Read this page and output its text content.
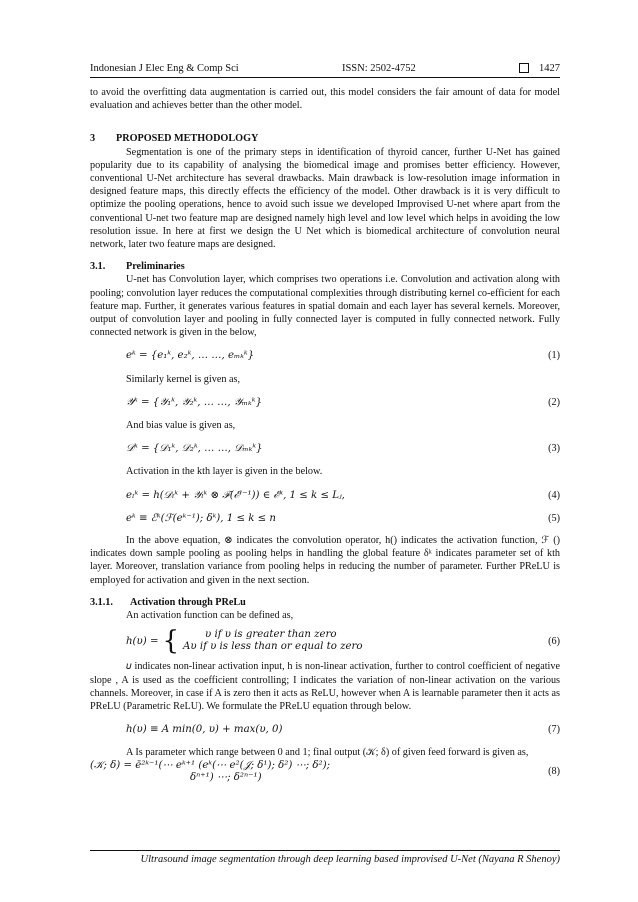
Indonesian J Elec Eng & Comp Sci	ISSN: 2502-4752	1427

to avoid the overfitting data augmentation is carried out, this model considers the fair amount of data for model evaluation and achieves better than the other model.

3	PROPOSED METHODOLOGY

Segmentation is one of the primary steps in identification of thyroid cancer, further U-Net has gained popularity due to its capability of analysing the biomedical image and promises better efficiency. However, conventional U-Net architecture has several drawbacks. Main drawback is low-resolution image information in designed feature maps, this directly effects the efficiency of the model. Other drawback is it is very difficult to optimize the pooling operations, hence to avoid such issue we developed Improvised U-net where apart from the conventional U-net two feature map are designed namely high level and low level which helps in avoiding the low resolution issue. In here at first we design the U Net which is biomedical architecture of convolution neural network, later two feature maps are designed.

3.1.	Preliminaries

U-net has Convolution layer, which comprises two operations i.e. Convolution and activation along with pooling; convolution layer reduces the computational complexities through distributing kernel co-efficient for each feature map. Further, it generates various features in spatial domain and each layer has several kernels. Moreover, output of convolution layer and pooling in fully connected layer is computed in fully connected network. Fully connected network is given in the below,

eᵏ = {e₁ᵏ, e₂ᵏ, … …, eₘₖᵏ}	(1)

Similarly kernel is given as,

𝒴ᵏ = {𝒴₁ᵏ, 𝒴₂ᵏ, … …, 𝒴ₘₖᵏ}	(2)

And bias value is given as,

𝒟ᵏ = {𝒟₁ᵏ, 𝒟₂ᵏ, … …, 𝒟ₘₖᵏ}	(3)

Activation in the kth layer is given in the below.

eₗᵏ = h(𝒟ₗᵏ + 𝒴ₗᵏ ⊗ ℱ(ℰˡ⁻¹)) ∈ ℰᵏ, 1 ≤ k ≤ Lⱼ,	(4)

eᵏ ≡ ℰᵏ(ℱ(eᵏ⁻¹); δᵏ), 1 ≤ k ≤ n	(5)

In the above equation, ⊗ indicates the convolution operator, h() indicates the activation function, ℱ () indicates down sample pooling as pooling helps in handling the global feature δᵏ indicates parameter set of kth layer. Moreover, translation variance from pooling helps in reducing the number of parameter. Further PReLU is employed for activation and given in the next section.

3.1.1.	Activation through PReLu

An activation function can be defined as,

h(𝜐) = {	𝜐 if 𝜐 is greater than zero
A𝜐 if 𝜐 is less than or equal to zero
(6)

𝜐 indicates non-linear activation input, h is non-linear activation, further to control coefficient of negative slope , A is used as the coefficient controlling; I indicates the variation of non-linear activation on the various channels. Moreover, in case if A is zero then it acts as ReLU, however when A is learnable parameter then it acts as PReLU (Parametric ReLU). We formulate the PReLU equation through below.

h(𝜐) ≡ A min(0, 𝜐) + max(𝜐, 0)	(7)

A Is parameter which range between 0 and 1; final output (𝒦; δ) of given feed forward is given as,

(𝒦; δ) = ē²ᵏ⁻¹(⋯ eᵏ⁺¹ (eᵏ(⋯ e²(𝒥; δ¹); δ²) ⋯; δ²);
δⁿ⁺¹) ⋯; δ²ⁿ⁻¹)
(8)
Ultrasound image segmentation through deep learning based improvised U-Net (Nayana R Shenoy)
